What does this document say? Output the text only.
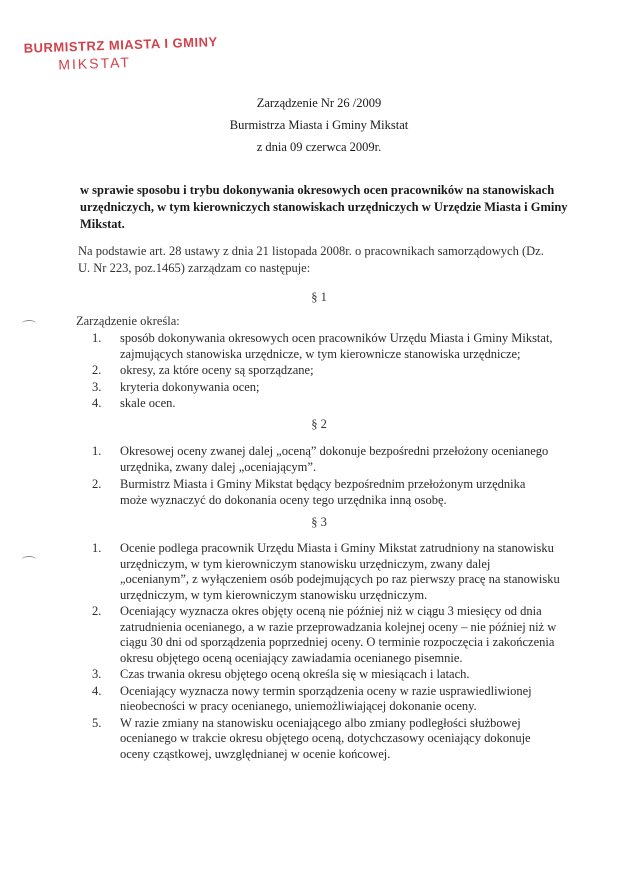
BURMISTRZ MIASTA I GMINY
MIKSTAT
Zarządzenie Nr 26 /2009
Burmistrza Miasta i Gminy Mikstat
z dnia 09 czerwca 2009r.
w sprawie sposobu i trybu dokonywania okresowych ocen pracowników na stanowiskach urzędniczych, w tym kierowniczych stanowiskach urzędniczych w Urzędzie Miasta i Gminy Mikstat.
Na podstawie art. 28 ustawy z dnia 21 listopada 2008r. o pracownikach samorządowych (Dz. U. Nr 223, poz.1465) zarządzam co następuje:
§ 1
Zarządzenie określa:
1.	sposób dokonywania okresowych ocen pracowników Urzędu Miasta i Gminy Mikstat, zajmujących stanowiska urzędnicze, w tym kierownicze stanowiska urzędnicze;
2.	okresy, za które oceny są sporządzane;
3.	kryteria dokonywania ocen;
4.	skale ocen.
§ 2
1.	Okresowej oceny zwanej dalej „oceną” dokonuje bezpośredni przełożony ocenianego urzędnika, zwany dalej „oceniającym”.
2.	Burmistrz Miasta i Gminy Mikstat będący bezpośrednim przełożonym urzędnika może wyznaczyć do dokonania oceny tego urzędnika inną osobę.
§ 3
1.	Ocenie podlega pracownik Urzędu Miasta i Gminy Mikstat zatrudniony na stanowisku urzędniczym, w tym kierowniczym stanowisku urzędniczym, zwany dalej „ocenianym”, z wyłączeniem osób podejmujących po raz pierwszy pracę na stanowisku urzędniczym, w tym kierowniczym stanowisku urzędniczym.
2.	Oceniający wyznacza okres objęty oceną nie później niż w ciągu 3 miesięcy od dnia zatrudnienia ocenianego, a w razie przeprowadzania kolejnej oceny – nie później niż w ciągu 30 dni od sporządzenia poprzedniej oceny. O terminie rozpoczęcia i zakończenia okresu objętego oceną oceniający zawiadamia ocenianego pisemnie.
3.	Czas trwania okresu objętego oceną określa się w miesiącach i latach.
4.	Oceniający wyznacza nowy termin sporządzenia oceny w razie usprawiedliwionej nieobecności w pracy ocenianego, uniemożliwiającej dokonanie oceny.
5.	W razie zmiany na stanowisku oceniającego albo zmiany podległości służbowej ocenianego w trakcie okresu objętego oceną, dotychczasowy oceniający dokonuje oceny cząstkowej, uwzględnianej w ocenie końcowej.
